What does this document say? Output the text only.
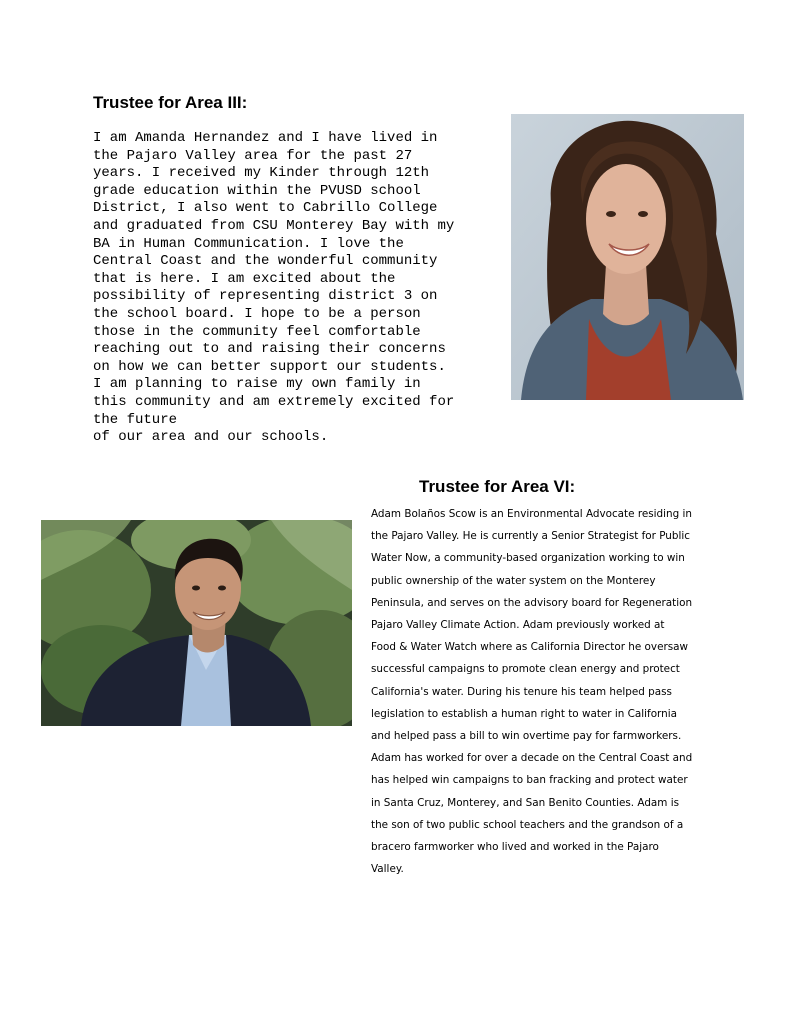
Trustee for Area III:
I am Amanda Hernandez and I have lived in
the Pajaro Valley area for the past 27
years. I received my Kinder through 12th
grade education within the PVUSD school
District, I also went to Cabrillo College
and graduated from CSU Monterey Bay with my
BA in Human Communication. I love the
Central Coast and the wonderful community
that is here. I am excited about the
possibility of representing district 3 on
the school board. I hope to be a person
those in the community feel comfortable
reaching out to and raising their concerns
on how we can better support our students.
I am planning to raise my own family in
this community and am extremely excited for
the future
of our area and our schools.
Trustee for Area VI:
Adam Bolaños Scow is an Environmental Advocate residing in
the Pajaro Valley. He is currently a Senior Strategist for Public
Water Now, a community-based organization working to win
public ownership of the water system on the Monterey
Peninsula, and serves on the advisory board for Regeneration
Pajaro Valley Climate Action. Adam previously worked at
Food & Water Watch where as California Director he oversaw
successful campaigns to promote clean energy and protect
California's water. During his tenure his team helped pass
legislation to establish a human right to water in California
and helped pass a bill to win overtime pay for farmworkers.
Adam has worked for over a decade on the Central Coast and
has helped win campaigns to ban fracking and protect water
in Santa Cruz, Monterey, and San Benito Counties. Adam is
the son of two public school teachers and the grandson of a
bracero farmworker who lived and worked in the Pajaro
Valley.
